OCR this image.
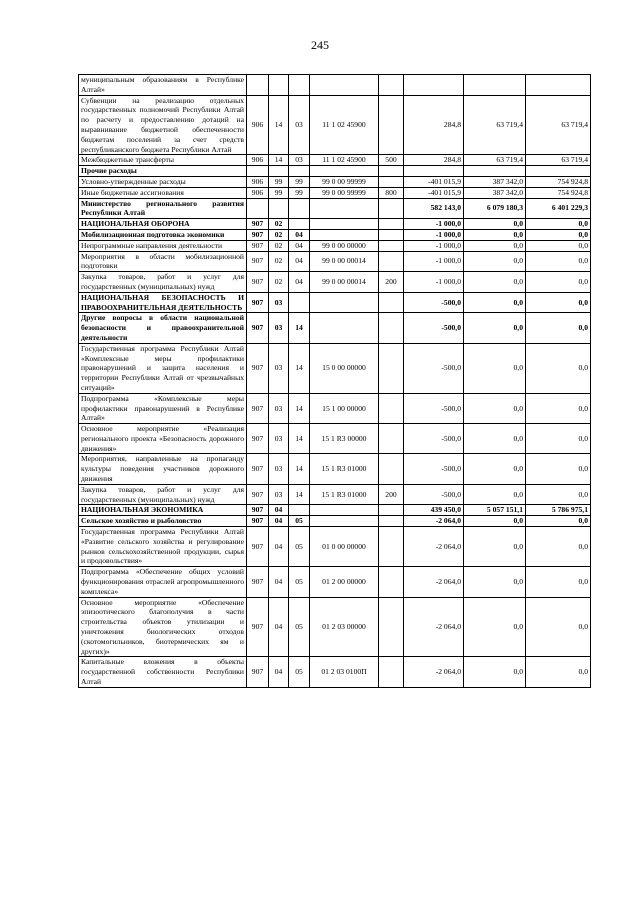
245
муниципальным образованиям в Республике Алтай»								
Субвенции на реализацию отдельных государственных полномочий Республики Алтай по расчету и предоставлению дотаций на выравнивание бюджетной обеспеченности бюджетам поселений за счет средств республиканского бюджета Республики Алтай	906	14	03	11 1 02 45900		284,8	63 719,4	63 719,4
Межбюджетные трансферты	906	14	03	11 1 02 45900	500	284,8	63 719,4	63 719,4
Прочие расходы								
Условно-утвержденные расходы	906	99	99	99 0 00 99999		-401 015,9	387 342,0	754 924,8
Иные бюджетные ассигнования	906	99	99	99 0 00 99999	800	-401 015,9	387 342,0	754 924,8
Министерство регионального развития Республики Алтай						582 143,0	6 079 180,3	6 401 229,3
НАЦИОНАЛЬНАЯ ОБОРОНА	907	02				-1 000,0	0,0	0,0
Мобилизационная подготовка экономики	907	02	04			-1 000,0	0,0	0,0
Непрограммные направления деятельности	907	02	04	99 0 00 00000		-1 000,0	0,0	0,0
Мероприятия в области мобилизационной подготовки	907	02	04	99 0 00 00014		-1 000,0	0,0	0,0
Закупка товаров, работ и услуг для государственных (муниципальных) нужд	907	02	04	99 0 00 00014	200	-1 000,0	0,0	0,0
НАЦИОНАЛЬНАЯ БЕЗОПАСНОСТЬ И ПРАВООХРАНИТЕЛЬНАЯ ДЕЯТЕЛЬНОСТЬ	907	03				-500,0	0,0	0,0
Другие вопросы в области национальной безопасности и правоохранительной деятельности	907	03	14			-500,0	0,0	0,0
Государственная программа Республики Алтай «Комплексные меры профилактики правонарушений и защита населения и территории Республики Алтай от чрезвычайных ситуаций»	907	03	14	15 0 00 00000		-500,0	0,0	0,0
Подпрограмма «Комплексные меры профилактики правонарушений в Республике Алтай»	907	03	14	15 1 00 00000		-500,0	0,0	0,0
Основное мероприятие «Реализация регионального проекта «Безопасность дорожного движения»	907	03	14	15 1 R3 00000		-500,0	0,0	0,0
Мероприятия, направленные на пропаганду культуры поведения участников дорожного движения	907	03	14	15 1 R3 01000		-500,0	0,0	0,0
Закупка товаров, работ и услуг для государственных (муниципальных) нужд	907	03	14	15 1 R3 01000	200	-500,0	0,0	0,0
НАЦИОНАЛЬНАЯ ЭКОНОМИКА	907	04				439 450,0	5 057 151,1	5 786 975,1
Сельское хозяйство и рыболовство	907	04	05			-2 064,0	0,0	0,0
Государственная программа Республики Алтай «Развитие сельского хозяйства и регулирование рынков сельскохозяйственной продукции, сырья и продовольствия»	907	04	05	01 0 00 00000		-2 064,0	0,0	0,0
Подпрограмма «Обеспечение общих условий функционирования отраслей агропромышленного комплекса»	907	04	05	01 2 00 00000		-2 064,0	0,0	0,0
Основное мероприятие «Обеспечение эпизоотического благополучия в части строительства объектов утилизации и уничтожения биологических отходов (скотомогильников, биотермических ям и других)»	907	04	05	01 2 03 00000		-2 064,0	0,0	0,0
Капитальные вложения в объекты государственной собственности Республики Алтай	907	04	05	01 2 03 0100П		-2 064,0	0,0	0,0
